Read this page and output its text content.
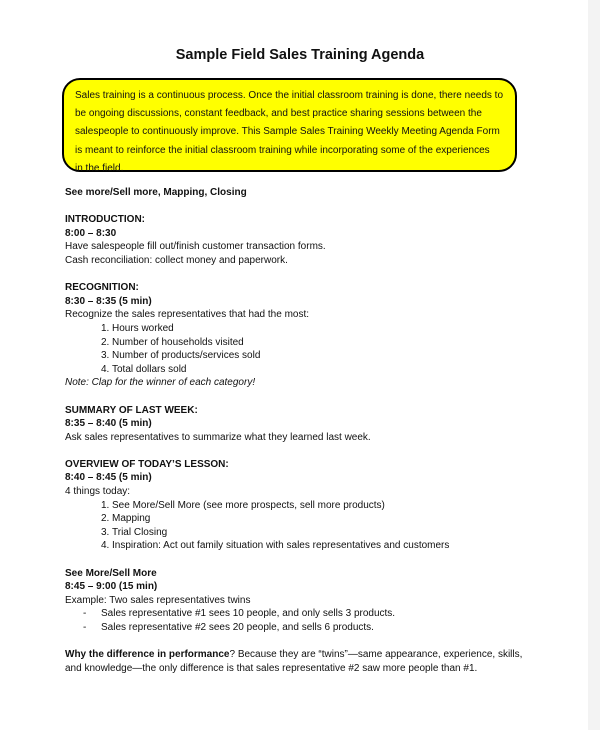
Sample Field Sales Training Agenda
Sales training is a continuous process. Once the initial classroom training is done, there needs to
be ongoing discussions, constant feedback, and best practice sharing sessions between the
salespeople to continuously improve. This Sample Sales Training Weekly Meeting Agenda Form
is meant to reinforce the initial classroom training while incorporating some of the experiences
in the field.
See more/Sell more, Mapping, Closing
INTRODUCTION:
8:00 – 8:30
Have salespeople fill out/finish customer transaction forms.
Cash reconciliation: collect money and paperwork.
RECOGNITION:
8:30 – 8:35 (5 min)
Recognize the sales representatives that had the most:
1. Hours worked
2. Number of households visited
3. Number of products/services sold
4. Total dollars sold
Note: Clap for the winner of each category!
SUMMARY OF LAST WEEK:
8:35 – 8:40 (5 min)
Ask sales representatives to summarize what they learned last week.
OVERVIEW OF TODAY’S LESSON:
8:40 – 8:45 (5 min)
4 things today:
1. See More/Sell More (see more prospects, sell more products)
2. Mapping
3. Trial Closing
4. Inspiration: Act out family situation with sales representatives and customers
See More/Sell More
8:45 – 9:00 (15 min)
Example: Two sales representatives twins
- Sales representative #1 sees 10 people, and only sells 3 products.
- Sales representative #2 sees 20 people, and sells 6 products.
Why the difference in performance? Because they are “twins”—same appearance, experience, skills,
and knowledge—the only difference is that sales representative #2 saw more people than #1.
